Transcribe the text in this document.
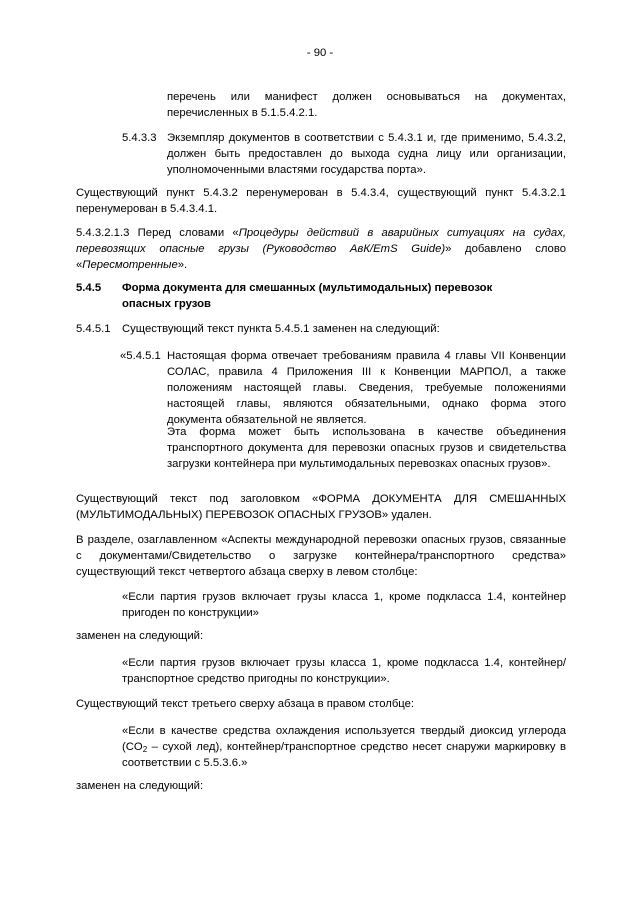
- 90 -
перечень или манифест должен основываться на документах, перечисленных в 5.1.5.4.2.1.
5.4.3.3 Экземпляр документов в соответствии с 5.4.3.1 и, где применимо, 5.4.3.2, должен быть предоставлен до выхода судна лицу или организации, уполномоченными властями государства порта».
Существующий пункт 5.4.3.2 перенумерован в 5.4.3.4, существующий пункт 5.4.3.2.1 перенумерован в 5.4.3.4.1.
5.4.3.2.1.3 Перед словами «Процедуры действий в аварийных ситуациях на судах, перевозящих опасные грузы (Руководство АвК/EmS Guide)» добавлено слово «Пересмотренные».
5.4.5 Форма документа для смешанных (мультимодальных) перевозок опасных грузов
5.4.5.1 Существующий текст пункта 5.4.5.1 заменен на следующий:
«5.4.5.1 Настоящая форма отвечает требованиям правила 4 главы VII Конвенции СОЛАС, правила 4 Приложения III к Конвенции МАРПОЛ, а также положениям настоящей главы. Сведения, требуемые положениями настоящей главы, являются обязательными, однако форма этого документа обязательной не является.
Эта форма может быть использована в качестве объединения транспортного документа для перевозки опасных грузов и свидетельства загрузки контейнера при мультимодальных перевозках опасных грузов».
Существующий текст под заголовком «ФОРМА ДОКУМЕНТА ДЛЯ СМЕШАННЫХ (МУЛЬТИМОДАЛЬНЫХ) ПЕРЕВОЗОК ОПАСНЫХ ГРУЗОВ» удален.
В разделе, озаглавленном «Аспекты международной перевозки опасных грузов, связанные с документами/Свидетельство о загрузке контейнера/транспортного средства» существующий текст четвертого абзаца сверху в левом столбце:
«Если партия грузов включает грузы класса 1, кроме подкласса 1.4, контейнер пригоден по конструкции»
заменен на следующий:
«Если партия грузов включает грузы класса 1, кроме подкласса 1.4, контейнер/транспортное средство пригодны по конструкции».
Существующий текст третьего сверху абзаца в правом столбце:
«Если в качестве средства охлаждения используется твердый диоксид углерода ($CO_2$ – сухой лед), контейнер/транспортное средство несет снаружи маркировку в соответствии с 5.5.3.6.»
заменен на следующий:
